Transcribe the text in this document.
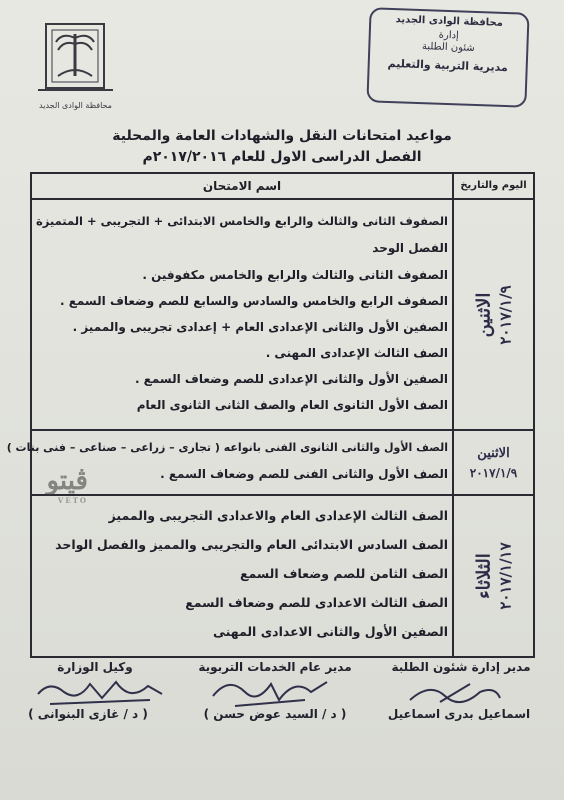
محافظة الوادى الجديد
محافظة الوادى الجديد
إدارة
شئون الطلبة
مديرية التربية والتعليم
مواعيد امتحانات النقل والشهادات العامة والمحلية
الفصل الدراسى الاول للعام ٢٠١٧/٢٠١٦م
اليوم والتاريخ
اسم الامتحان
الاثنين ٢٠١٧/١/٩
الصفوف الثانى والثالث والرابع والخامس الابتدائى + التجريبى + المتميزة
الفصل الوحد
الصفوف الثانى والثالث والرابع والخامس مكفوفين .
الصفوف الرابع والخامس والسادس والسابع للصم وضعاف السمع .
الصفين الأول والثانى الإعدادى العام + إعدادى تجريبى والمميز .
الصف الثالث الإعدادى المهنى .
الصفين الأول والثانى الإعدادى للصم وضعاف السمع .
الصف الأول الثانوى العام والصف الثانى الثانوى العام
الاثنين
٢٠١٧/١/٩
الصف الأول والثانى الثانوى الفنى بانواعه ( تجارى – زراعى – صناعى – فنى بنات )
الصف الأول والثانى الفنى للصم وضعاف السمع .
الثلاثاء ٢٠١٧/١/١٧
الصف الثالث الإعدادى العام والاعدادى التجريبى والمميز
الصف السادس الابتدائى العام والتجريبى والمميز والفصل الواحد
الصف الثامن للصم وضعاف السمع
الصف الثالث الاعدادى للصم وضعاف السمع
الصفين الأول والثانى الاعدادى المهنى
ڤيتو
VETO
مدير إدارة شئون الطلبة
مدير عام الخدمات التربوية
وكيل الوزارة
اسماعيل بدرى اسماعيل
( د / السيد عوض حسن )
( د / غازى البنوانى )
